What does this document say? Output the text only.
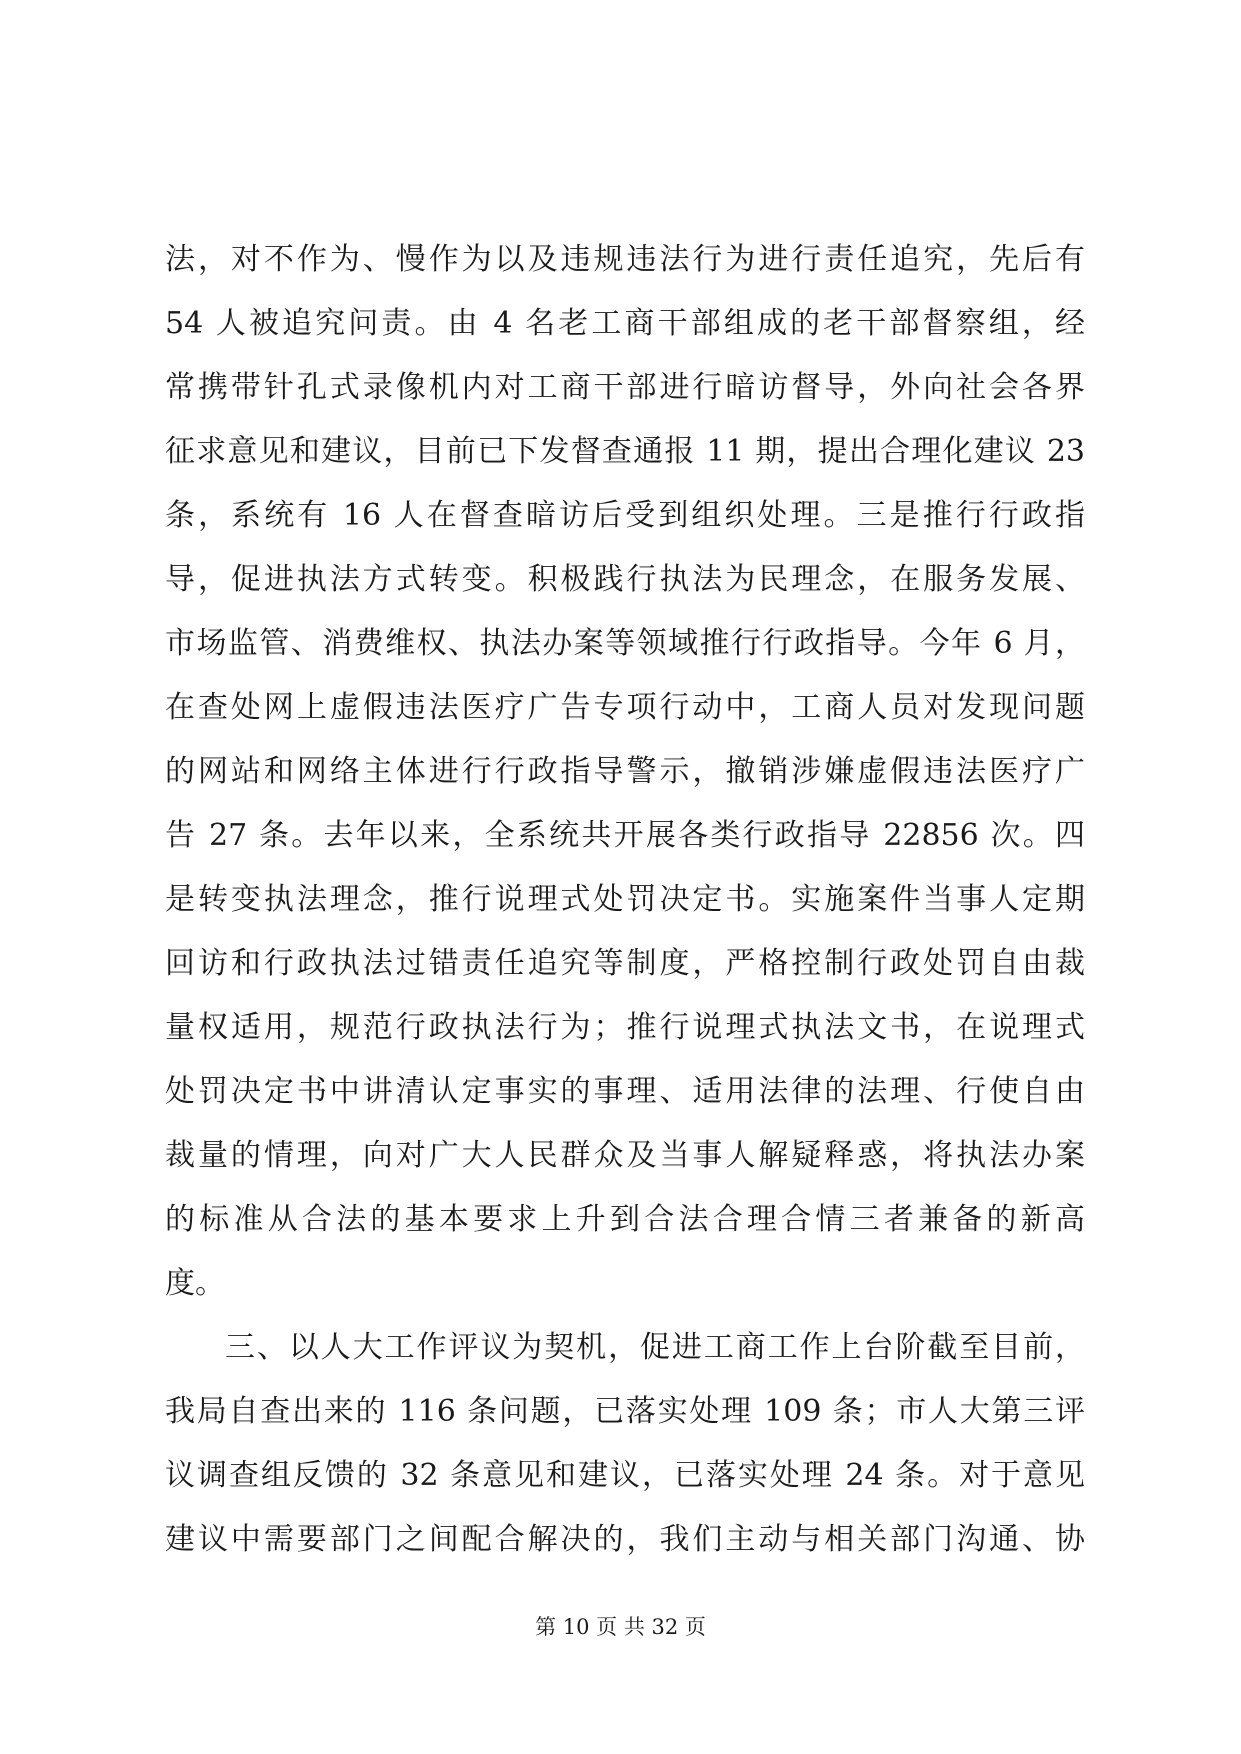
法，对不作为、慢作为以及违规违法行为进行责任追究，先后有
54 人被追究问责。由 4 名老工商干部组成的老干部督察组，经
常携带针孔式录像机内对工商干部进行暗访督导，外向社会各界
征求意见和建议，目前已下发督查通报 11 期，提出合理化建议 23
条，系统有 16 人在督查暗访后受到组织处理。三是推行行政指
导，促进执法方式转变。积极践行执法为民理念，在服务发展、
市场监管、消费维权、执法办案等领域推行行政指导。今年 6 月，
在查处网上虚假违法医疗广告专项行动中，工商人员对发现问题
的网站和网络主体进行行政指导警示，撤销涉嫌虚假违法医疗广
告 27 条。去年以来，全系统共开展各类行政指导 22856 次。四
是转变执法理念，推行说理式处罚决定书。实施案件当事人定期
回访和行政执法过错责任追究等制度，严格控制行政处罚自由裁
量权适用，规范行政执法行为；推行说理式执法文书，在说理式
处罚决定书中讲清认定事实的事理、适用法律的法理、行使自由
裁量的情理，向对广大人民群众及当事人解疑释惑，将执法办案
的标准从合法的基本要求上升到合法合理合情三者兼备的新高
度。
三、以人大工作评议为契机，促进工商工作上台阶截至目前，
我局自查出来的 116 条问题，已落实处理 109 条；市人大第三评
议调查组反馈的 32 条意见和建议，已落实处理 24 条。对于意见
建议中需要部门之间配合解决的，我们主动与相关部门沟通、协
第 10 页 共 32 页
